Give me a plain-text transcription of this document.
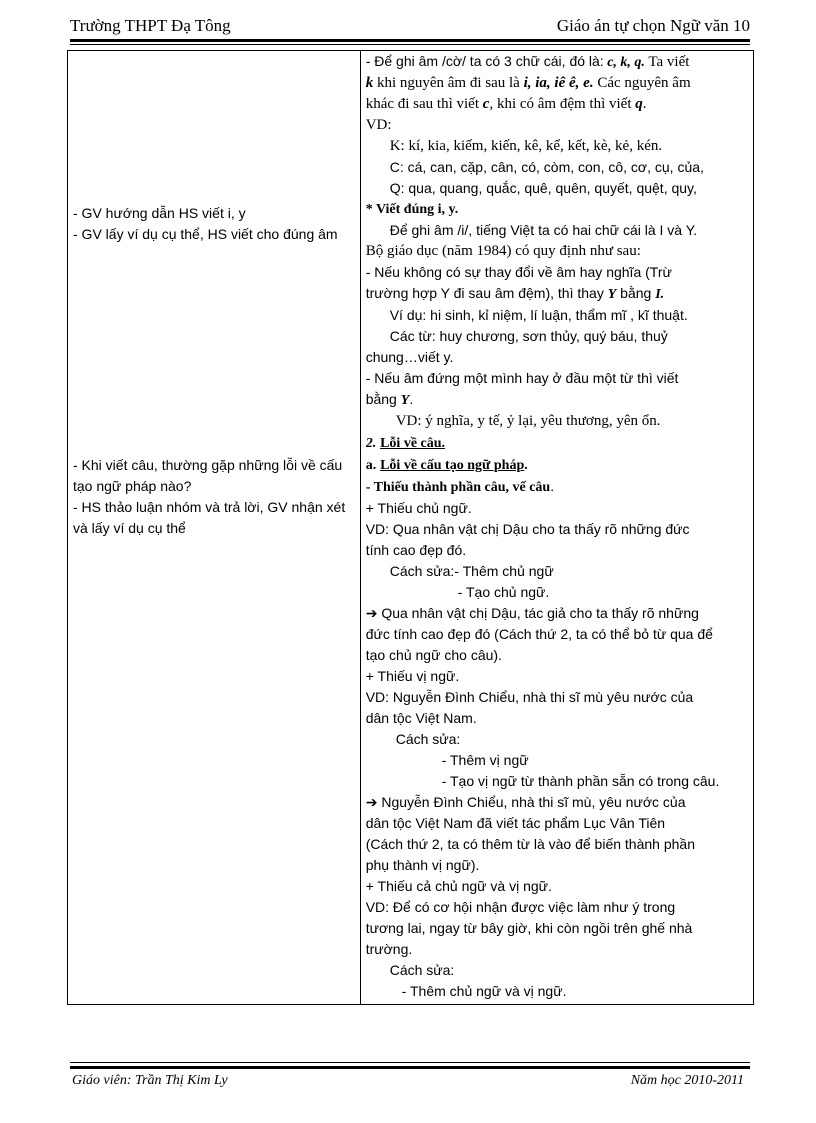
Trường THPT Đạ Tông	Giáo án tự chọn Ngữ văn 10
- GV hướng dẫn HS viết i, y
- GV lấy ví dụ cụ thể, HS viết cho đúng âm
- Khi viết câu, thường gặp những lỗi về cấu tạo ngữ pháp nào?
- HS thảo luận nhóm và trả lời, GV nhận xét và lấy ví dụ cụ thể

- Để ghi âm /cờ/ ta có 3 chữ cái, đó là: c, k, q. Ta viết
k khi nguyên âm đi sau là i, ia, iê ê, e. Các nguyên âm
khác đi sau thì viết c, khi có âm đệm thì viết q.
VD:
K: kí, kia, kiếm, kiến, kê, kể, kết, kè, kẻ, kén.
C: cá, can, cặp, cân, có, còm, con, cô, cơ, cụ, của,
Q: qua, quang, quắc, quê, quên, quyết, quệt, quy,
* Viết đúng i, y.
Để ghi âm /i/, tiếng Việt ta có hai chữ cái là I và Y.
Bộ giáo dục (năm 1984) có quy định như sau:
- Nếu không có sự thay đổi về âm hay nghĩa (Trừ
trường hợp Y đi sau âm đệm), thì thay Y bằng I.
Ví dụ: hi sinh, kỉ niệm, lí luận, thẩm mĩ , kĩ thuật.
Các từ: huy chương, sơn thủy, quý báu, thuỷ
chung…viết y.
- Nếu âm đứng một mình hay ở đầu một từ thì viết
bằng Y.
VD: ý nghĩa, y tế, ỷ lại, yêu thương, yên ổn.
2. Lỗi về câu.
a. Lỗi về cấu tạo ngữ pháp.
- Thiếu thành phần câu, vế câu.
+ Thiếu chủ ngữ.
VD: Qua nhân vật chị Dậu cho ta thấy rõ những đức
tính cao đẹp đó.
Cách sửa:- Thêm chủ ngữ
- Tạo chủ ngữ.
➔ Qua nhân vật chị Dậu, tác giả cho ta thấy rõ những
đức tính cao đẹp đó (Cách thứ 2, ta có thể bỏ từ qua để
tạo chủ ngữ cho câu).
+ Thiếu vị ngữ.
VD: Nguyễn Đình Chiểu, nhà thi sĩ mù yêu nước của
dân tộc Việt Nam.
Cách sửa:
- Thêm vị ngữ
- Tạo vị ngữ từ thành phần sẵn có trong câu.
➔ Nguyễn Đình Chiểu, nhà thi sĩ mù, yêu nước của
dân tộc Việt Nam đã viết tác phẩm Lục Vân Tiên
(Cách thứ 2, ta có thêm từ là vào để biến thành phần
phụ thành vị ngữ).
+ Thiếu cả chủ ngữ và vị ngữ.
VD: Để có cơ hội nhận được việc làm như ý trong
tương lai, ngay từ bây giờ, khi còn ngồi trên ghế nhà
trường.
Cách sửa:
- Thêm chủ ngữ và vị ngữ.
Giáo viên: Trần Thị Kim Ly	Năm học 2010-2011
